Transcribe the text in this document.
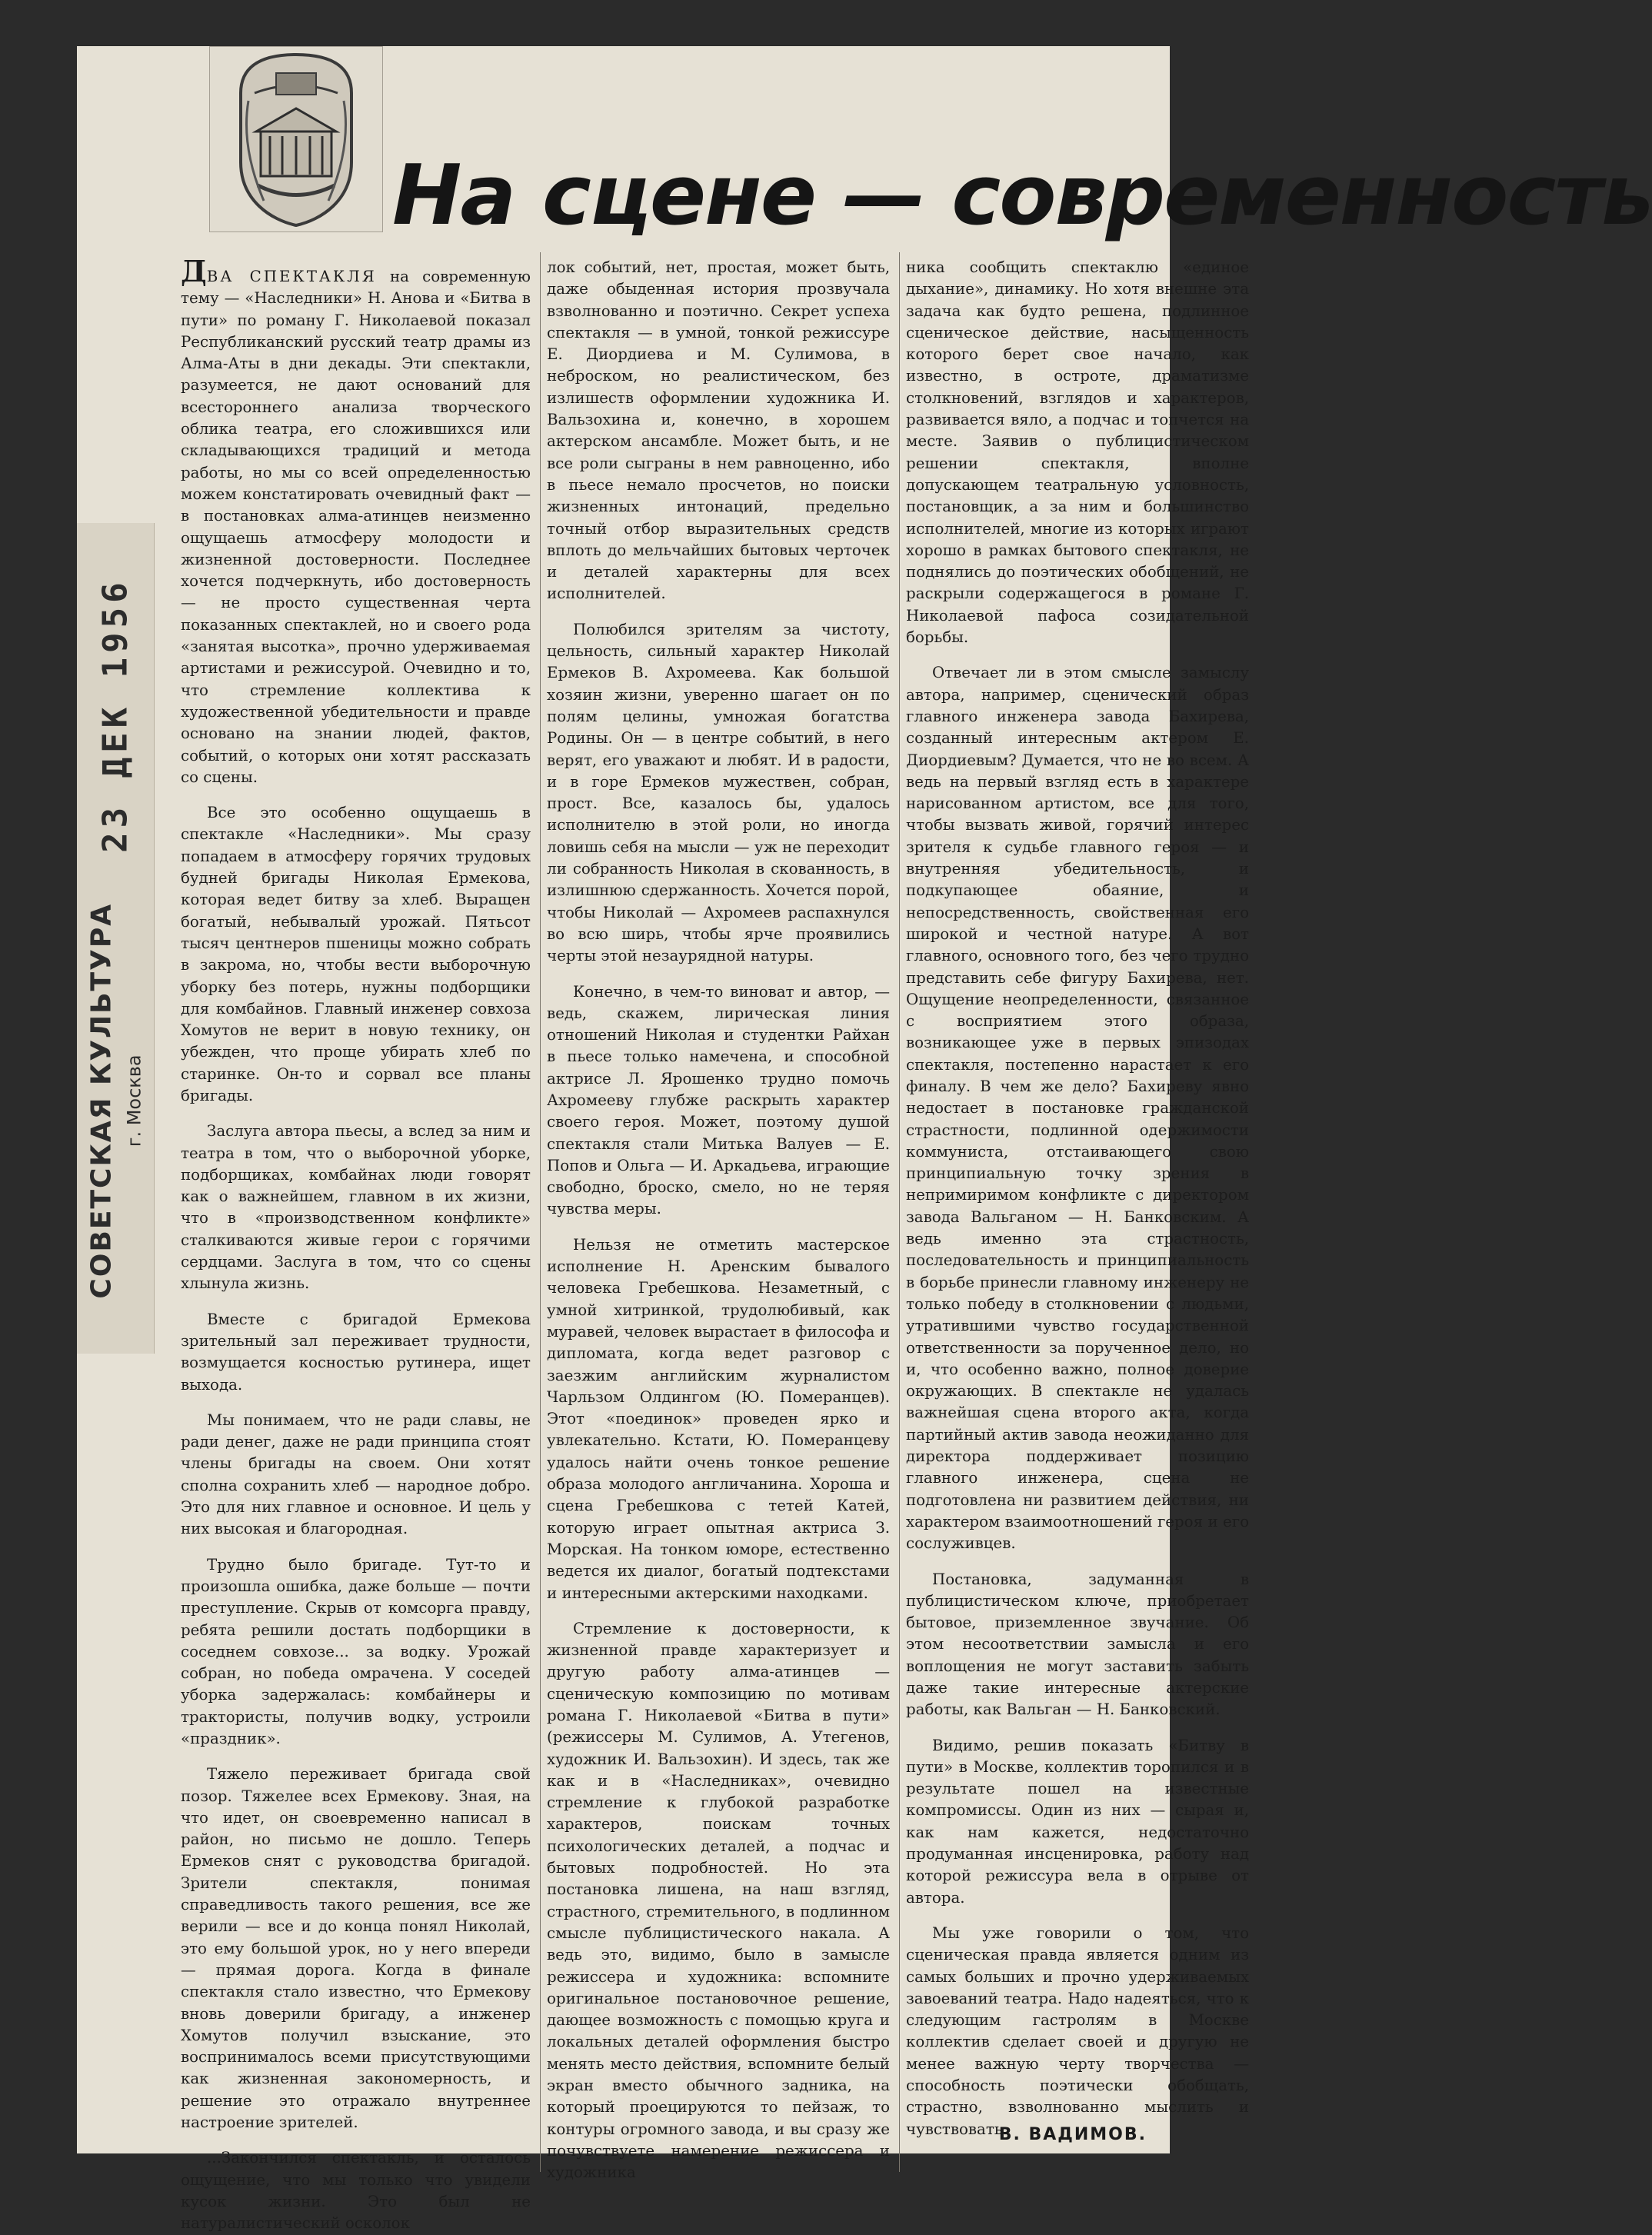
СОВЕТСКАЯ КУЛЬТУРА г. Москва
23 ДЕК 1956
На сцене — современность

ДВА СПЕКТАКЛЯ на современную тему — «Наследники» Н. Анова и «Битва в пути» по роману Г. Николаевой показал Республиканский русский театр драмы из Алма-Аты в дни декады. Эти спектакли, разумеется, не дают оснований для всестороннего анализа творческого облика театра, его сложившихся или складывающихся традиций и метода работы, но мы со всей определенностью можем констатировать очевидный факт — в постановках алма-атинцев неизменно ощущаешь атмосферу молодости и жизненной достоверности. Последнее хочется подчеркнуть, ибо достоверность — не просто существенная черта показанных спектаклей, но и своего рода «занятая высотка», прочно удерживаемая артистами и режиссурой. Очевидно и то, что стремление коллектива к художественной убедительности и правде основано на знании людей, фактов, событий, о которых они хотят рассказать со сцены.

Все это особенно ощущаешь в спектакле «Наследники». Мы сразу попадаем в атмосферу горячих трудовых будней бригады Николая Ермекова, которая ведет битву за хлеб. Выращен богатый, небывалый урожай. Пятьсот тысяч центнеров пшеницы можно собрать в закрома, но, чтобы вести выборочную уборку без потерь, нужны подборщики для комбайнов. Главный инженер совхоза Хомутов не верит в новую технику, он убежден, что проще убирать хлеб по старинке. Он-то и сорвал все планы бригады.

Заслуга автора пьесы, а вслед за ним и театра в том, что о выборочной уборке, подборщиках, комбайнах люди говорят как о важнейшем, главном в их жизни, что в «производственном конфликте» сталкиваются живые герои с горячими сердцами. Заслуга в том, что со сцены хлынула жизнь.

Вместе с бригадой Ермекова зрительный зал переживает трудности, возмущается косностью рутинера, ищет выхода.

Мы понимаем, что не ради славы, не ради денег, даже не ради принципа стоят члены бригады на своем. Они хотят сполна сохранить хлеб — народное добро. Это для них главное и основное. И цель у них высокая и благородная.

Трудно было бригаде. Тут-то и произошла ошибка, даже больше — почти преступление. Скрыв от комсорга правду, ребята решили достать подборщики в соседнем совхозе... за водку. Урожай собран, но победа омрачена. У соседей уборка задержалась: комбайнеры и трактористы, получив водку, устроили «праздник».

Тяжело переживает бригада свой позор. Тяжелее всех Ермекову. Зная, на что идет, он своевременно написал в район, но письмо не дошло. Теперь Ермеков снят с руководства бригадой. Зрители спектакля, понимая справедливость такого решения, все же верили — все и до конца понял Николай, это ему большой урок, но у него впереди — прямая дорога. Когда в финале спектакля стало известно, что Ермекову вновь доверили бригаду, а инженер Хомутов получил взыскание, это воспринималось всеми присутствующими как жизненная закономерность, и решение это отражало внутреннее настроение зрителей.

...Закончился спектакль, и осталось ощущение, что мы только что увидели кусок жизни. Это был не натуралистический осколок

лок событий, нет, простая, может быть, даже обыденная история прозвучала взволнованно и поэтично. Секрет успеха спектакля — в умной, тонкой режиссуре Е. Диордиева и М. Сулимова, в неброском, но реалистическом, без излишеств оформлении художника И. Вальзохина и, конечно, в хорошем актерском ансамбле. Может быть, и не все роли сыграны в нем равноценно, ибо в пьесе немало просчетов, но поиски жизненных интонаций, предельно точный отбор выразительных средств вплоть до мельчайших бытовых черточек и деталей характерны для всех исполнителей.

Полюбился зрителям за чистоту, цельность, сильный характер Николай Ермеков В. Ахромеева. Как большой хозяин жизни, уверенно шагает он по полям целины, умножая богатства Родины. Он — в центре событий, в него верят, его уважают и любят. И в радости, и в горе Ермеков мужествен, собран, прост. Все, казалось бы, удалось исполнителю в этой роли, но иногда ловишь себя на мысли — уж не переходит ли собранность Николая в скованность, в излишнюю сдержанность. Хочется порой, чтобы Николай — Ахромеев распахнулся во всю ширь, чтобы ярче проявились черты этой незаурядной натуры.

Конечно, в чем-то виноват и автор, — ведь, скажем, лирическая линия отношений Николая и студентки Райхан в пьесе только намечена, и способной актрисе Л. Ярошенко трудно помочь Ахромееву глубже раскрыть характер своего героя. Может, поэтому душой спектакля стали Митька Валуев — Е. Попов и Ольга — И. Аркадьева, играющие свободно, броско, смело, но не теряя чувства меры.

Нельзя не отметить мастерское исполнение Н. Аренским бывалого человека Гребешкова. Незаметный, с умной хитринкой, трудолюбивый, как муравей, человек вырастает в философа и дипломата, когда ведет разговор с заезжим английским журналистом Чарльзом Олдингом (Ю. Померанцев). Этот «поединок» проведен ярко и увлекательно. Кстати, Ю. Померанцеву удалось найти очень тонкое решение образа молодого англичанина. Хороша и сцена Гребешкова с тетей Катей, которую играет опытная актриса З. Морская. На тонком юморе, естественно ведется их диалог, богатый подтекстами и интересными актерскими находками.

Стремление к достоверности, к жизненной правде характеризует и другую работу алма-атинцев — сценическую композицию по мотивам романа Г. Николаевой «Битва в пути» (режиссеры М. Сулимов, А. Утегенов, художник И. Вальзохин). И здесь, так же как и в «Наследниках», очевидно стремление к глубокой разработке характеров, поискам точных психологических деталей, а подчас и бытовых подробностей. Но эта постановка лишена, на наш взгляд, страстного, стремительного, в подлинном смысле публицистического накала. А ведь это, видимо, было в замысле режиссера и художника: вспомните оригинальное постановочное решение, дающее возможность с помощью круга и локальных деталей оформления быстро менять место действия, вспомните белый экран вместо обычного задника, на который проецируются то пейзаж, то контуры огромного завода, и вы сразу же почувствуете намерение режиссера и художника

ника сообщить спектаклю «единое дыхание», динамику. Но хотя внешне эта задача как будто решена, подлинное сценическое действие, насыщенность которого берет свое начало, как известно, в остроте, драматизме столкновений, взглядов и характеров, развивается вяло, а подчас и топчется на месте. Заявив о публицистическом решении спектакля, вполне допускающем театральную условность, постановщик, а за ним и большинство исполнителей, многие из которых играют хорошо в рамках бытового спектакля, не поднялись до поэтических обобщений, не раскрыли содержащегося в романе Г. Николаевой пафоса созидательной борьбы.

Отвечает ли в этом смысле замыслу автора, например, сценический образ главного инженера завода Бахирева, созданный интересным актером Е. Диордиевым? Думается, что не во всем. А ведь на первый взгляд есть в характере нарисованном артистом, все для того, чтобы вызвать живой, горячий интерес зрителя к судьбе главного героя — и внутренняя убедительность, и подкупающее обаяние, и непосредственность, свойственная его широкой и честной натуре. А вот главного, основного того, без чего трудно представить себе фигуру Бахирева, нет. Ощущение неопределенности, связанное с восприятием этого образа, возникающее уже в первых эпизодах спектакля, постепенно нарастает к его финалу. В чем же дело? Бахиреву явно недостает в постановке гражданской страстности, подлинной одержимости коммуниста, отстаивающего свою принципиальную точку зрения в непримиримом конфликте с директором завода Вальганом — Н. Банковским. А ведь именно эта страстность, последовательность и принципиальность в борьбе принесли главному инженеру не только победу в столкновении с людьми, утратившими чувство государственной ответственности за порученное дело, но и, что особенно важно, полное доверие окружающих. В спектакле не удалась важнейшая сцена второго акта, когда партийный актив завода неожиданно для директора поддерживает позицию главного инженера, сцена не подготовлена ни развитием действия, ни характером взаимоотношений героя и его сослуживцев.

Постановка, задуманная в публицистическом ключе, приобретает бытовое, приземленное звучание. Об этом несоответствии замысла и его воплощения не могут заставить забыть даже такие интересные актерские работы, как Вальган — Н. Банковский.

Видимо, решив показать «Битву в пути» в Москве, коллектив торопился и в результате пошел на известные компромиссы. Один из них — сырая и, как нам кажется, недостаточно продуманная инсценировка, работу над которой режиссура вела в отрыве от автора.

Мы уже говорили о том, что сценическая правда является одним из самых больших и прочно удерживаемых завоеваний театра. Надо надеяться, что к следующим гастролям в Москве коллектив сделает своей и другую не менее важную черту творчества — способность поэтически обобщать, страстно, взволнованно мыслить и чувствовать.

В. ВАДИМОВ.
